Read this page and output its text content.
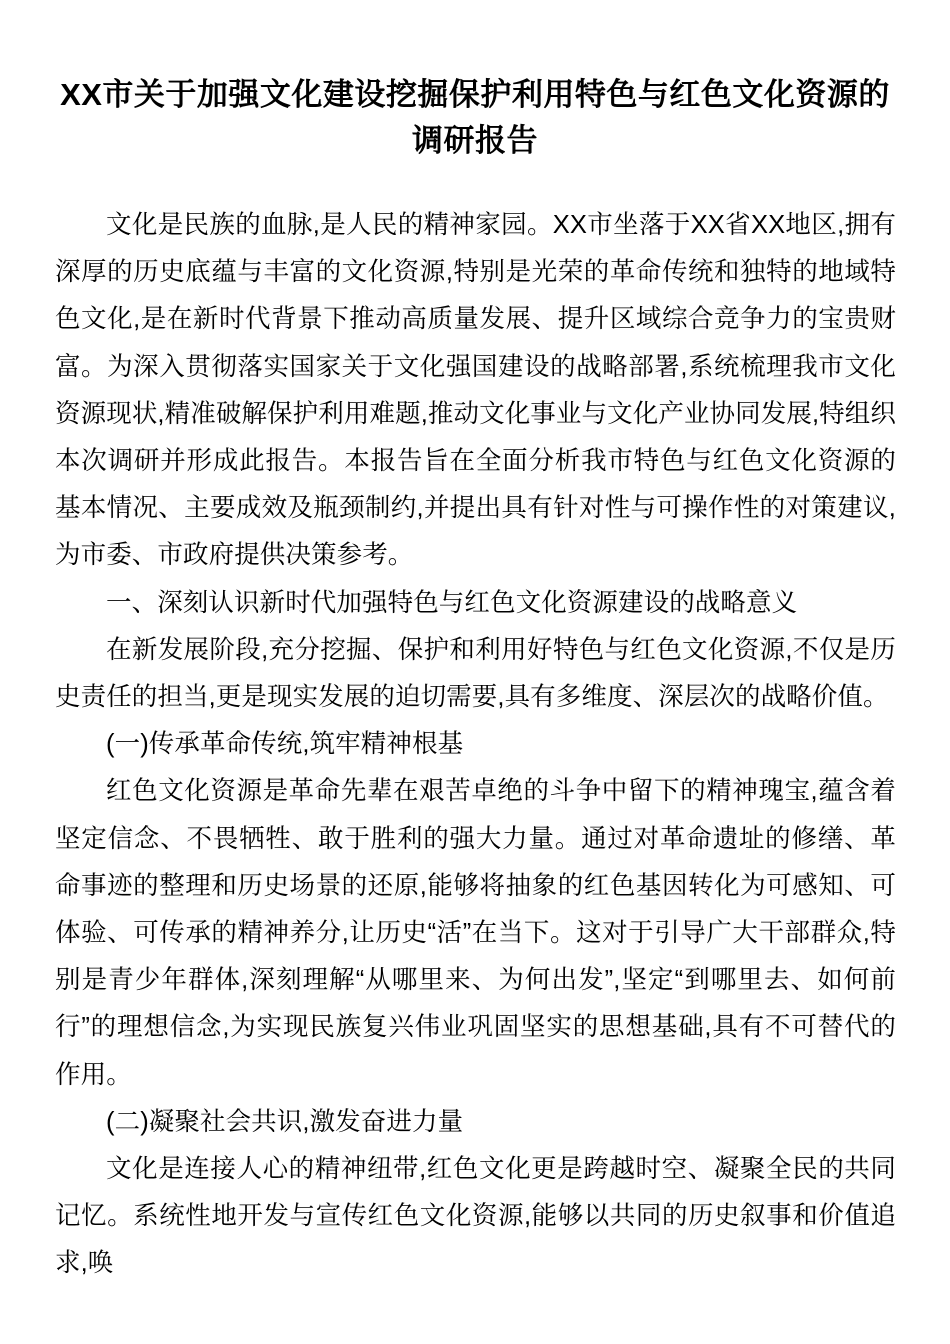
XX市关于加强文化建设挖掘保护利用特色与红色文化资源的调研报告

文化是民族的血脉,是人民的精神家园。XX市坐落于XX省XX地区,拥有深厚的历史底蕴与丰富的文化资源,特别是光荣的革命传统和独特的地域特色文化,是在新时代背景下推动高质量发展、提升区域综合竞争力的宝贵财富。为深入贯彻落实国家关于文化强国建设的战略部署,系统梳理我市文化资源现状,精准破解保护利用难题,推动文化事业与文化产业协同发展,特组织本次调研并形成此报告。本报告旨在全面分析我市特色与红色文化资源的基本情况、主要成效及瓶颈制约,并提出具有针对性与可操作性的对策建议,为市委、市政府提供决策参考。

一、深刻认识新时代加强特色与红色文化资源建设的战略意义

在新发展阶段,充分挖掘、保护和利用好特色与红色文化资源,不仅是历史责任的担当,更是现实发展的迫切需要,具有多维度、深层次的战略价值。

(一)传承革命传统,筑牢精神根基

红色文化资源是革命先辈在艰苦卓绝的斗争中留下的精神瑰宝,蕴含着坚定信念、不畏牺牲、敢于胜利的强大力量。通过对革命遗址的修缮、革命事迹的整理和历史场景的还原,能够将抽象的红色基因转化为可感知、可体验、可传承的精神养分,让历史“活”在当下。这对于引导广大干部群众,特别是青少年群体,深刻理解“从哪里来、为何出发”,坚定“到哪里去、如何前行”的理想信念,为实现民族复兴伟业巩固坚实的思想基础,具有不可替代的作用。

(二)凝聚社会共识,激发奋进力量

文化是连接人心的精神纽带,红色文化更是跨越时空、凝聚全民的共同记忆。系统性地开发与宣传红色文化资源,能够以共同的历史叙事和价值追求,唤
